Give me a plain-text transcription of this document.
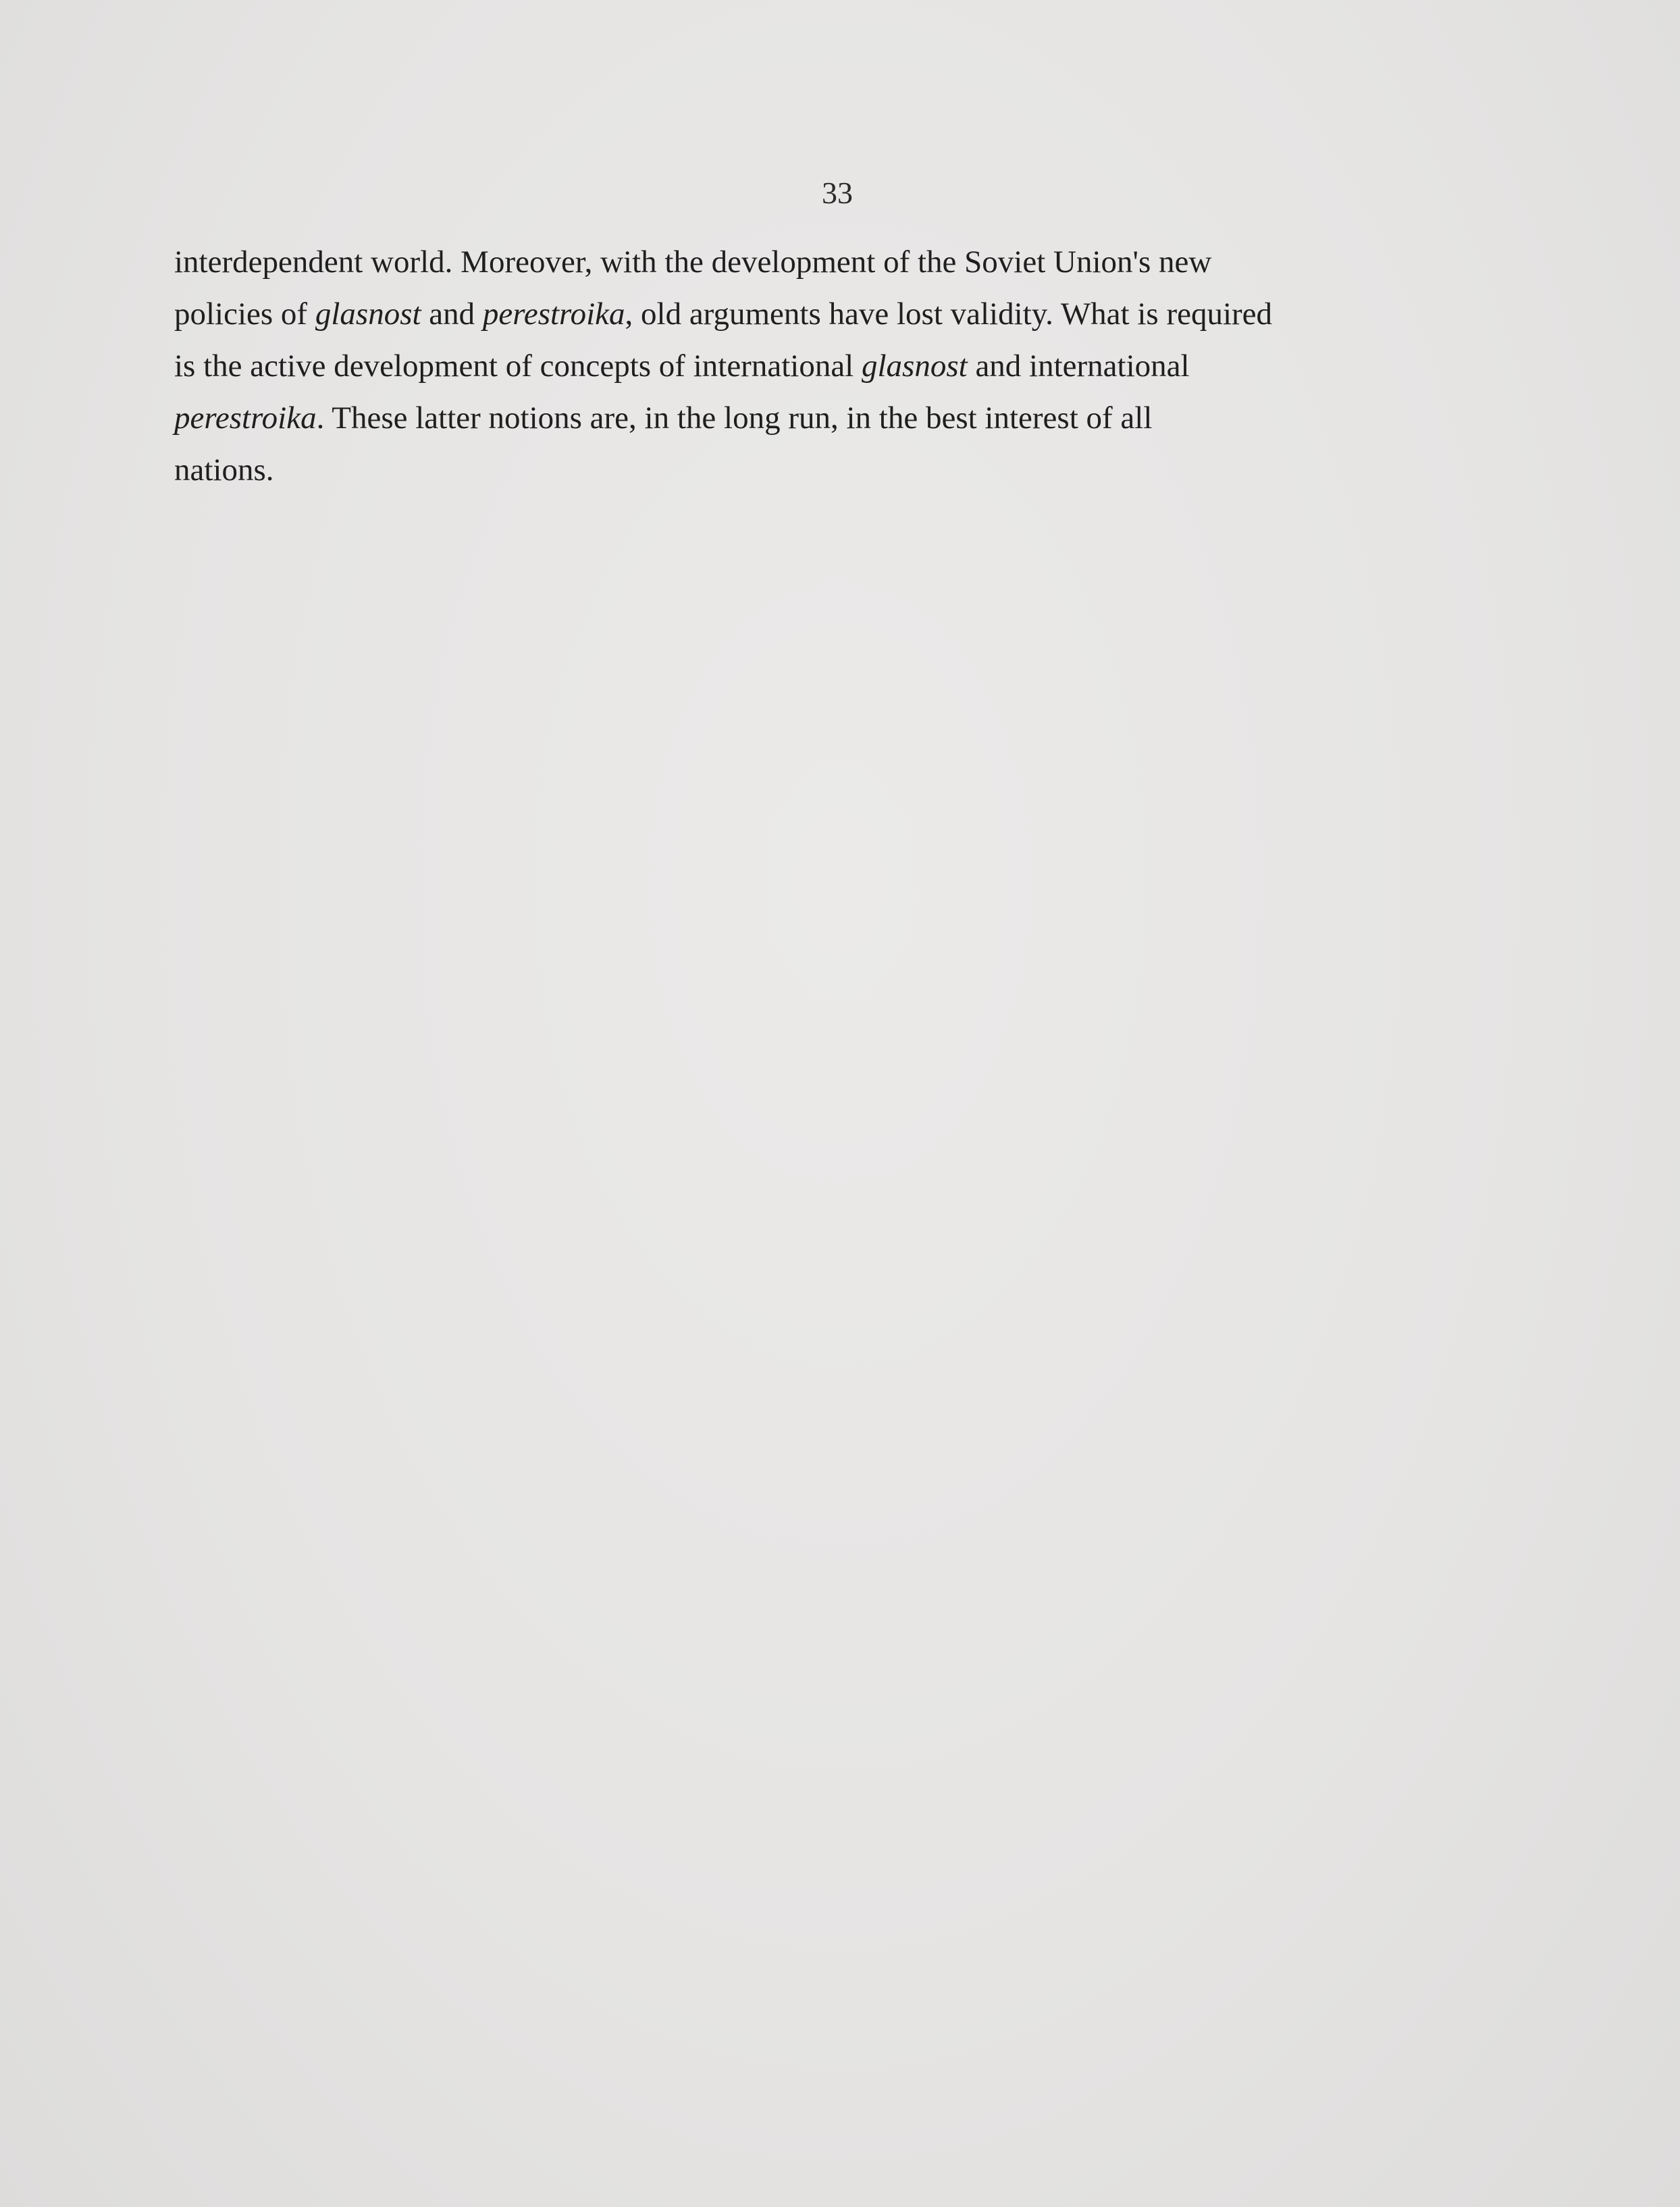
33
interdependent world. Moreover, with the development of the Soviet Union's new
policies of glasnost and perestroika, old arguments have lost validity. What is required
is the active development of concepts of international glasnost and international
perestroika. These latter notions are, in the long run, in the best interest of all
nations.
